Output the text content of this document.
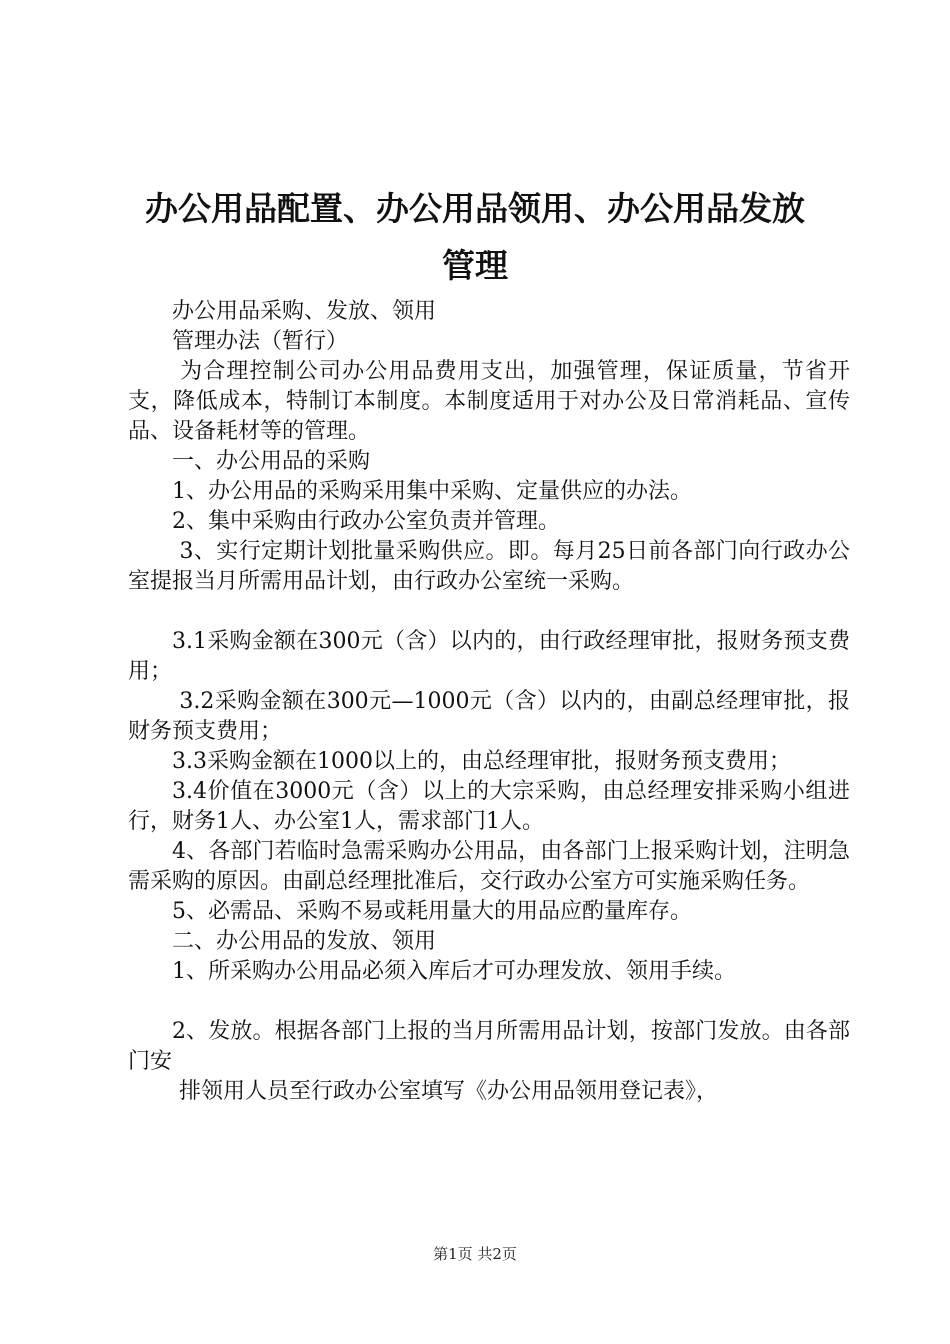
办公用品配置、办公用品领用、办公用品发放
管理

办公用品采购、发放、领用

管理办法（暂行）

为合理控制公司办公用品费用支出，加强管理，保证质量，节省开支，降低成本，特制订本制度。本制度适用于对办公及日常消耗品、宣传品、设备耗材等的管理。

一、办公用品的采购

1、办公用品的采购采用集中采购、定量供应的办法。

2、集中采购由行政办公室负责并管理。

3、实行定期计划批量采购供应。即。每月25日前各部门向行政办公室提报当月所需用品计划，由行政办公室统一采购。

3.1采购金额在300元（含）以内的，由行政经理审批，报财务预支费用；

3.2采购金额在300元—1000元（含）以内的，由副总经理审批，报财务预支费用；

3.3采购金额在1000以上的，由总经理审批，报财务预支费用；

3.4价值在3000元（含）以上的大宗采购，由总经理安排采购小组进行，财务1人、办公室1人，需求部门1人。

4、各部门若临时急需采购办公用品，由各部门上报采购计划，注明急需采购的原因。由副总经理批准后，交行政办公室方可实施采购任务。

5、必需品、采购不易或耗用量大的用品应酌量库存。

二、办公用品的发放、领用

1、所采购办公用品必须入库后才可办理发放、领用手续。

2、发放。根据各部门上报的当月所需用品计划，按部门发放。由各部门安

排领用人员至行政办公室填写《办公用品领用登记表》，

第1页 共2页
